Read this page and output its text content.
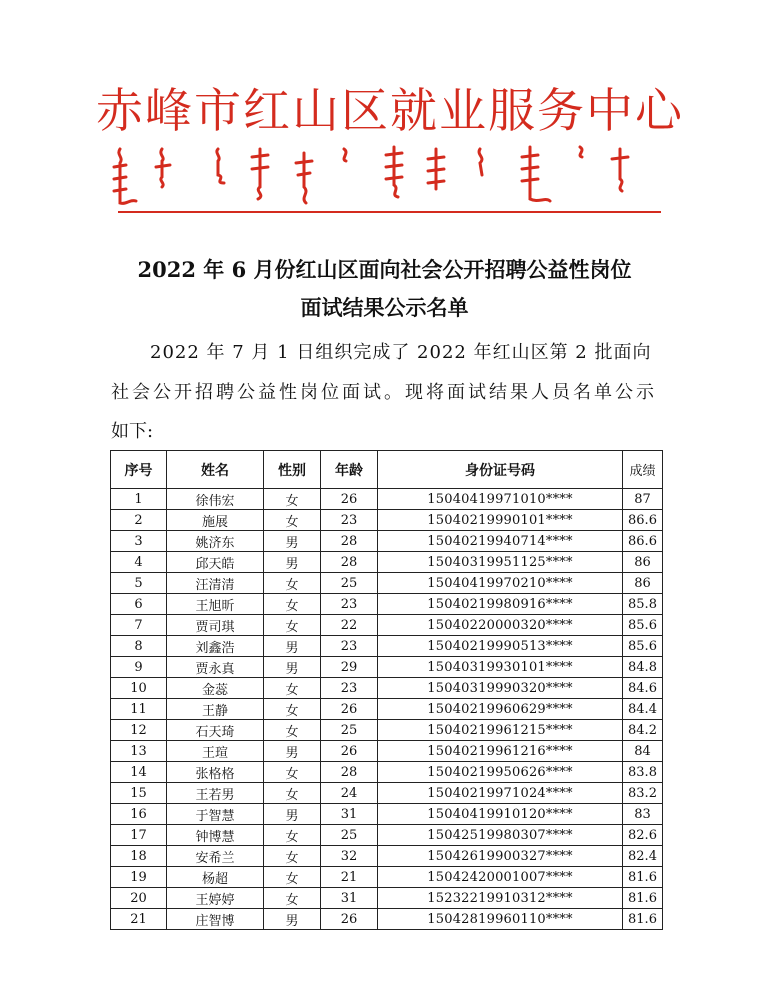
赤峰市红山区就业服务中心
2022 年 6 月份红山区面向社会公开招聘公益性岗位
面试结果公示名单
2022 年 7 月 1 日组织完成了 2022 年红山区第 2 批面向
社会公开招聘公益性岗位面试。现将面试结果人员名单公示
如下:
序号	姓名	性别	年龄	身份证号码	成绩
1	徐伟宏	女	26	15040419971010****	87
2	施展	女	23	15040219990101****	86.6
3	姚济东	男	28	15040219940714****	86.6
4	邱天皓	男	28	15040319951125****	86
5	汪清清	女	25	15040419970210****	86
6	王旭昕	女	23	15040219980916****	85.8
7	贾司琪	女	22	15040220000320****	85.6
8	刘鑫浩	男	23	15040219990513****	85.6
9	贾永真	男	29	15040319930101****	84.8
10	金蕊	女	23	15040319990320****	84.6
11	王静	女	26	15040219960629****	84.4
12	石天琦	女	25	15040219961215****	84.2
13	王瑄	男	26	15040219961216****	84
14	张格格	女	28	15040219950626****	83.8
15	王若男	女	24	15040219971024****	83.2
16	于智慧	男	31	15040419910120****	83
17	钟博慧	女	25	15042519980307****	82.6
18	安希兰	女	32	15042619900327****	82.4
19	杨超	女	21	15042420001007****	81.6
20	王婷婷	女	31	15232219910312****	81.6
21	庄智博	男	26	15042819960110****	81.6
